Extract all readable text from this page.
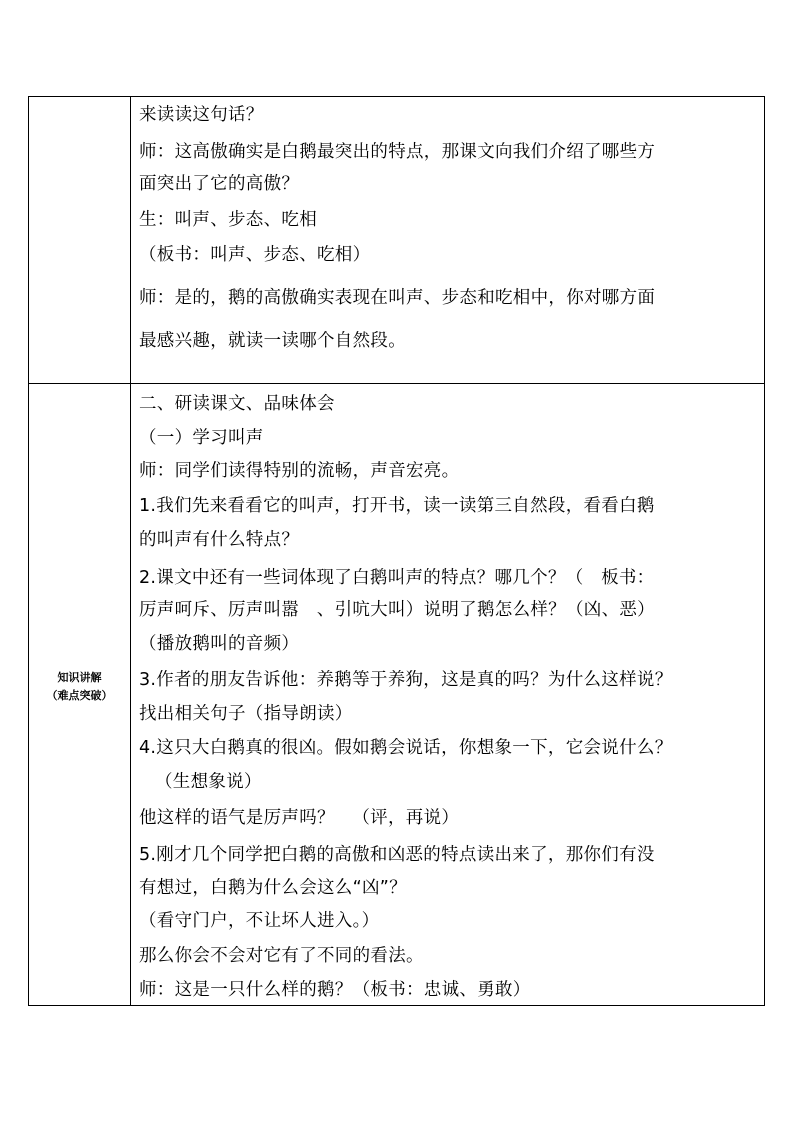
来读读这句话？
师：这高傲确实是白鹅最突出的特点，那课文向我们介绍了哪些方
面突出了它的高傲？
生：叫声、步态、吃相
（板书：叫声、步态、吃相）
师：是的，鹅的高傲确实表现在叫声、步态和吃相中，你对哪方面
最感兴趣，就读一读哪个自然段。
知识讲解
（难点突破）
二、研读课文、品味体会
（一）学习叫声
师：同学们读得特别的流畅，声音宏亮。
1.我们先来看看它的叫声，打开书，读一读第三自然段，看看白鹅
的叫声有什么特点？
2.课文中还有一些词体现了白鹅叫声的特点？哪几个？（   板书：
厉声呵斥、厉声叫嚣   、引吭大叫）说明了鹅怎么样？（凶、恶）
（播放鹅叫的音频）
3.作者的朋友告诉他：养鹅等于养狗，这是真的吗？为什么这样说？
找出相关句子（指导朗读）
4.这只大白鹅真的很凶。假如鹅会说话，你想象一下，它会说什么？
（生想象说）
他这样的语气是厉声吗？   （评，再说）
5.刚才几个同学把白鹅的高傲和凶恶的特点读出来了，那你们有没
有想过，白鹅为什么会这么“凶”？
（看守门户，不让坏人进入。）
那么你会不会对它有了不同的看法。
师：这是一只什么样的鹅？（板书：忠诚、勇敢）
